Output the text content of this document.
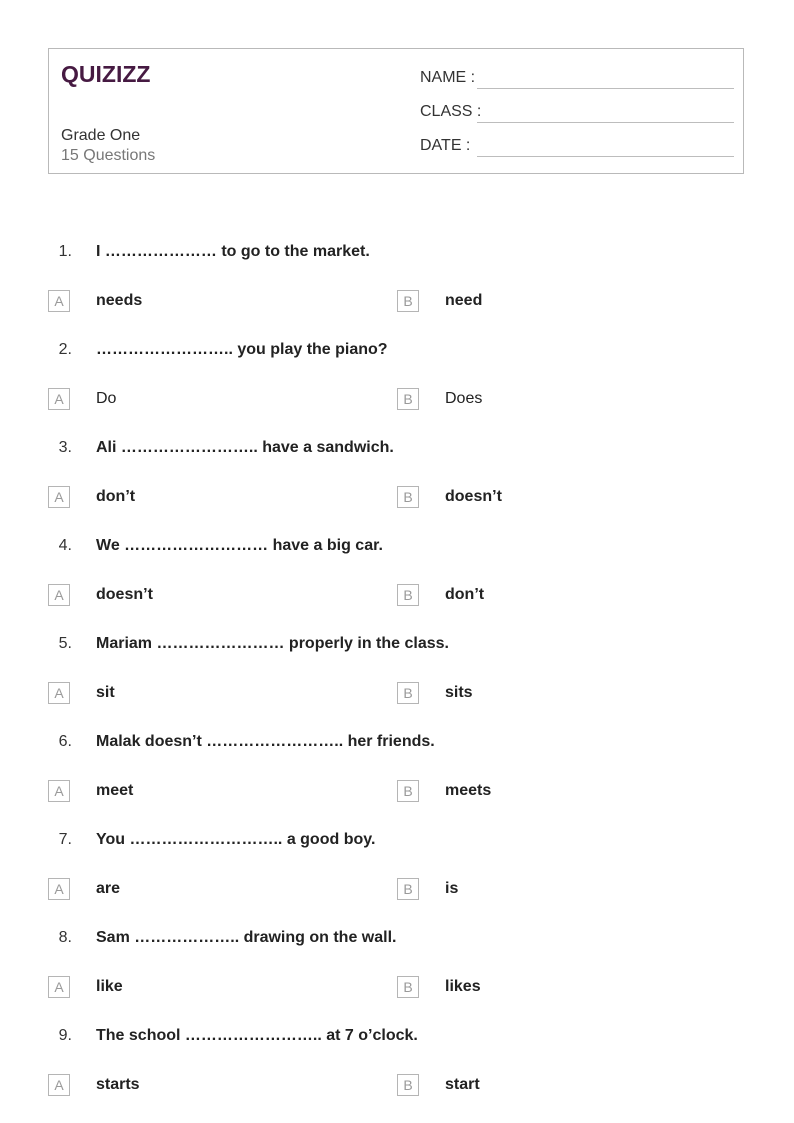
QUIZIZZ
Grade One
15 Questions
NAME :
CLASS :
DATE :
1. I ………………… to go to the market.
A	needs	B	need
2. …………………….. you play the piano?
A	Do	B	Does
3. Ali …………………….. have a sandwich.
A	don’t	B	doesn’t
4. We ……………………… have a big car.
A	doesn’t	B	don’t
5. Mariam …………………… properly in the class.
A	sit	B	sits
6. Malak doesn’t …………………….. her friends.
A	meet	B	meets
7. You ……………………….. a good boy.
A	are	B	is
8. Sam ……………….. drawing on the wall.
A	like	B	likes
9. The school …………………….. at 7 o’clock.
A	starts	B	start
